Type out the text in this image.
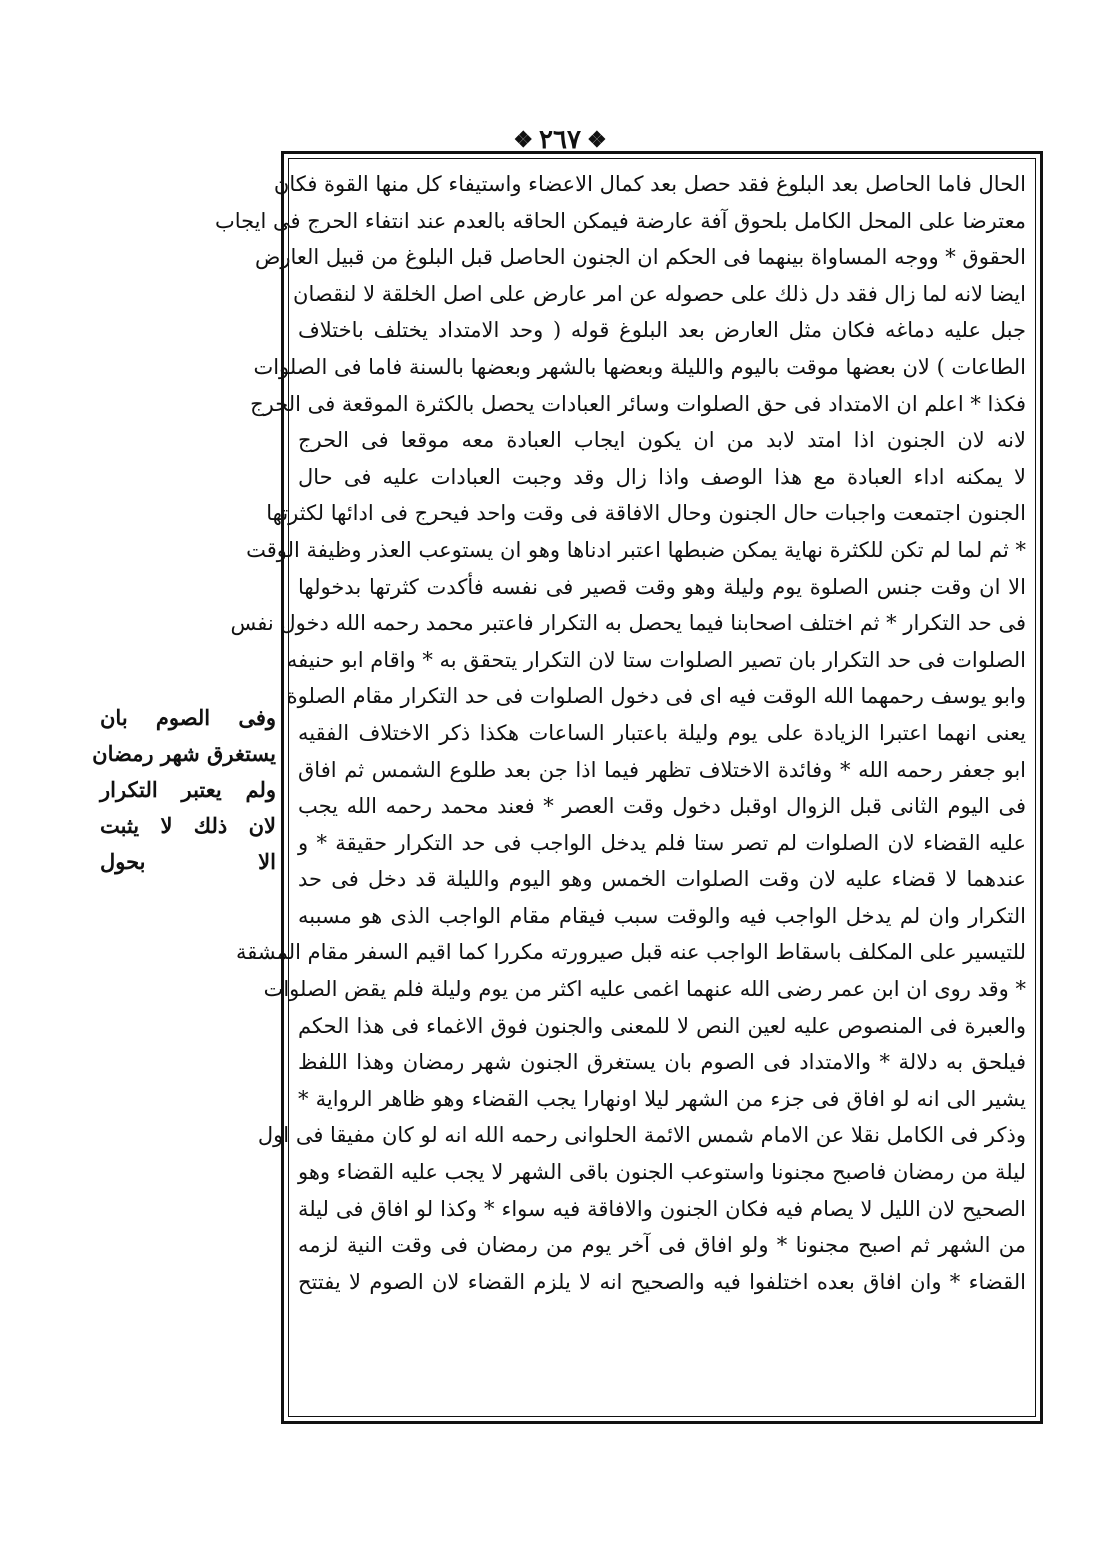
❖ ٢٦٧ ❖
الحال فاما الحاصل بعد البلوغ فقد حصل بعد كمال الاعضاء واستيفاء كل منها القوة فكان
معترضا على المحل الكامل بلحوق آفة عارضة فيمكن الحاقه بالعدم عند انتفاء الحرج فى ايجاب
الحقوق * ووجه المساواة بينهما فى الحكم ان الجنون الحاصل قبل البلوغ من قبيل العارض
ايضا لانه لما زال فقد دل ذلك على حصوله عن امر عارض على اصل الخلقة لا لنقصان
جبل عليه دماغه فكان مثل العارض بعد البلوغ قوله ( وحد الامتداد يختلف باختلاف
الطاعات ) لان بعضها موقت باليوم والليلة وبعضها بالشهر وبعضها بالسنة فاما فى الصلوات
فكذا * اعلم ان الامتداد فى حق الصلوات وسائر العبادات يحصل بالكثرة الموقعة فى الحرج
لانه لان الجنون اذا امتد لابد من ان يكون ايجاب العبادة معه موقعا فى الحرج
لا يمكنه اداء العبادة مع هذا الوصف واذا زال وقد وجبت العبادات عليه فى حال
الجنون اجتمعت واجبات حال الجنون وحال الافاقة فى وقت واحد فيحرج فى ادائها لكثرتها
* ثم لما لم تكن للكثرة نهاية يمكن ضبطها اعتبر ادناها وهو ان يستوعب العذر وظيفة الوقت
الا ان وقت جنس الصلوة يوم وليلة وهو وقت قصير فى نفسه فأكدت كثرتها بدخولها
فى حد التكرار * ثم اختلف اصحابنا فيما يحصل به التكرار فاعتبر محمد رحمه الله دخول نفس
الصلوات فى حد التكرار بان تصير الصلوات ستا لان التكرار يتحقق به * واقام ابو حنيفه
وابو يوسف رحمهما الله الوقت فيه اى فى دخول الصلوات فى حد التكرار مقام الصلوة
يعنى انهما اعتبرا الزيادة على يوم وليلة باعتبار الساعات هكذا ذكر الاختلاف الفقيه
ابو جعفر رحمه الله * وفائدة الاختلاف تظهر فيما اذا جن بعد طلوع الشمس ثم افاق
فى اليوم الثانى قبل الزوال اوقبل دخول وقت العصر * فعند محمد رحمه الله يجب
عليه القضاء لان الصلوات لم تصر ستا فلم يدخل الواجب فى حد التكرار حقيقة * و
عندهما لا قضاء عليه لان وقت الصلوات الخمس وهو اليوم والليلة قد دخل فى حد
التكرار وان لم يدخل الواجب فيه والوقت سبب فيقام مقام الواجب الذى هو مسببه
للتيسير على المكلف باسقاط الواجب عنه قبل صيرورته مكررا كما اقيم السفر مقام المشقة
* وقد روى ان ابن عمر رضى الله عنهما اغمى عليه اكثر من يوم وليلة فلم يقض الصلوات
والعبرة فى المنصوص عليه لعين النص لا للمعنى والجنون فوق الاغماء فى هذا الحكم
فيلحق به دلالة * والامتداد فى الصوم بان يستغرق الجنون شهر رمضان وهذا اللفظ
يشير الى انه لو افاق فى جزء من الشهر ليلا اونهارا يجب القضاء وهو ظاهر الرواية *
وذكر فى الكامل نقلا عن الامام شمس الائمة الحلوانى رحمه الله انه لو كان مفيقا فى اول
ليلة من رمضان فاصبح مجنونا واستوعب الجنون باقى الشهر لا يجب عليه القضاء وهو
الصحيح لان الليل لا يصام فيه فكان الجنون والافاقة فيه سواء * وكذا لو افاق فى ليلة
من الشهر ثم اصبح مجنونا * ولو افاق فى آخر يوم من رمضان فى وقت النية لزمه
القضاء * وان افاق بعده اختلفوا فيه والصحيح انه لا يلزم القضاء لان الصوم لا يفتتح
وفى الصوم بان
يستغرق شهر رمضان
ولم يعتبر التكرار
لان ذلك لا يثبت
الا بحول
